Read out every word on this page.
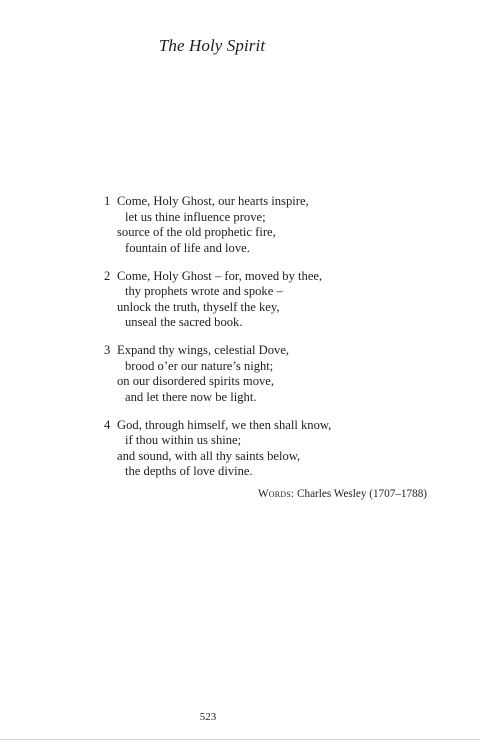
The Holy Spirit
1 Come, Holy Ghost, our hearts inspire,
let us thine influence prove;
source of the old prophetic fire,
fountain of life and love.
2 Come, Holy Ghost – for, moved by thee,
thy prophets wrote and spoke –
unlock the truth, thyself the key,
unseal the sacred book.
3 Expand thy wings, celestial Dove,
brood o’er our nature’s night;
on our disordered spirits move,
and let there now be light.
4 God, through himself, we then shall know,
if thou within us shine;
and sound, with all thy saints below,
the depths of love divine.
Words: Charles Wesley (1707–1788)
523
